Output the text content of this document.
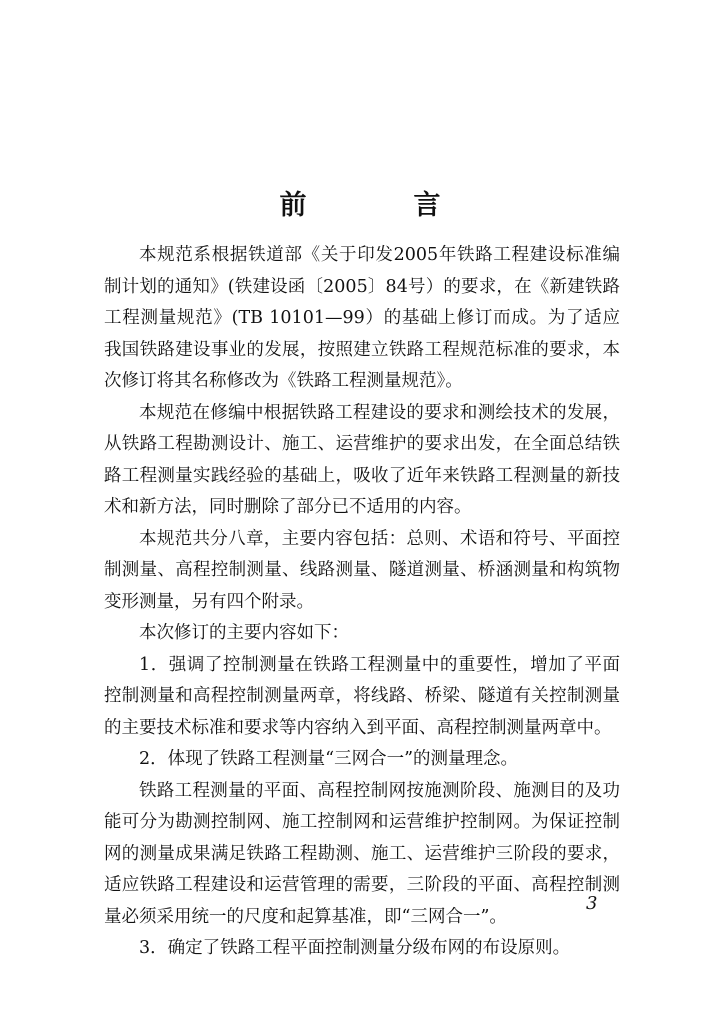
前　言

本规范系根据铁道部《关于印发2005年铁路工程建设标准编制计划的通知》(铁建设函〔2005〕84号）的要求，在《新建铁路工程测量规范》(TB 10101—99）的基础上修订而成。为了适应我国铁路建设事业的发展，按照建立铁路工程规范标准的要求，本次修订将其名称修改为《铁路工程测量规范》。

本规范在修编中根据铁路工程建设的要求和测绘技术的发展，从铁路工程勘测设计、施工、运营维护的要求出发，在全面总结铁路工程测量实践经验的基础上，吸收了近年来铁路工程测量的新技术和新方法，同时删除了部分已不适用的内容。

本规范共分八章，主要内容包括：总则、术语和符号、平面控制测量、高程控制测量、线路测量、隧道测量、桥涵测量和构筑物变形测量，另有四个附录。

本次修订的主要内容如下：

1．强调了控制测量在铁路工程测量中的重要性，增加了平面控制测量和高程控制测量两章，将线路、桥梁、隧道有关控制测量的主要技术标准和要求等内容纳入到平面、高程控制测量两章中。

2．体现了铁路工程测量“三网合一”的测量理念。

铁路工程测量的平面、高程控制网按施测阶段、施测目的及功能可分为勘测控制网、施工控制网和运营维护控制网。为保证控制网的测量成果满足铁路工程勘测、施工、运营维护三阶段的要求，适应铁路工程建设和运营管理的需要，三阶段的平面、高程控制测量必须采用统一的尺度和起算基准，即“三网合一”。

3．确定了铁路工程平面控制测量分级布网的布设原则。

3
